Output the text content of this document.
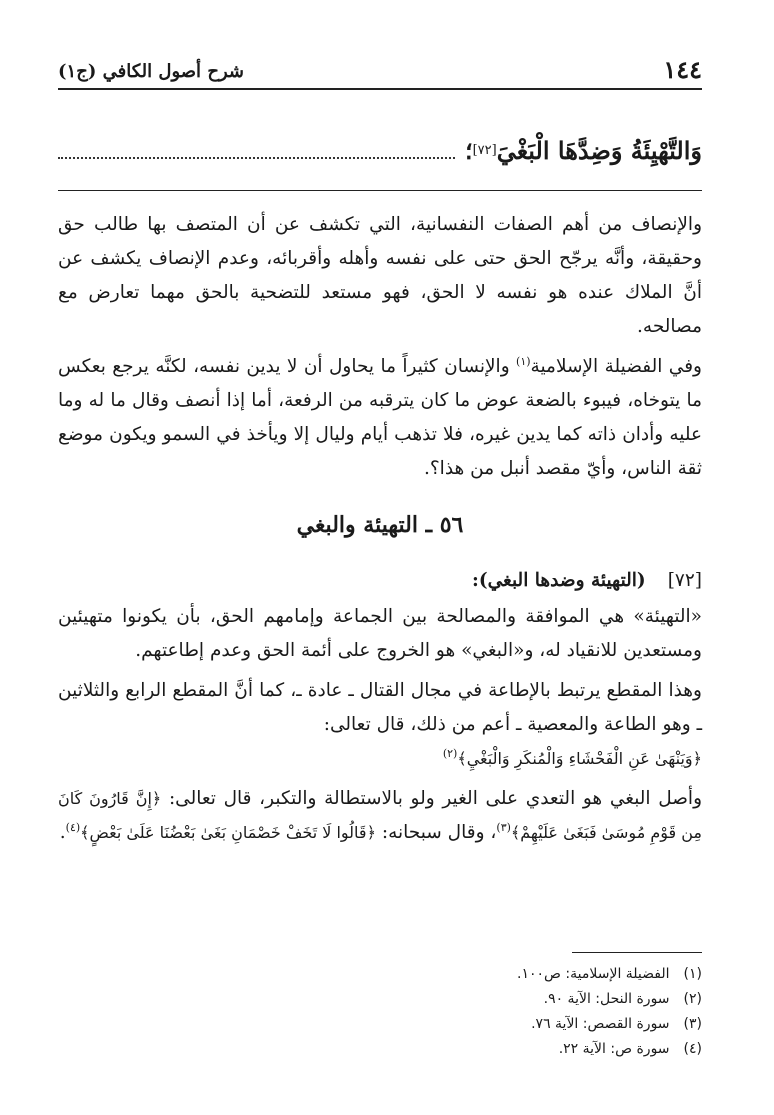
شرح أصول الكافي (ج١)	١٤٤
وَالتَّهْيِئَةُ وَضِدَّهَا الْبَغْيَ
[٧٢]
؛

والإنصاف من أهم الصفات النفسانية، التي تكشف عن أن المتصف بها طالب حق وحقيقة، وأنَّه يرجّح الحق حتى على نفسه وأهله وأقربائه، وعدم الإنصاف يكشف عن أنَّ الملاك عنده هو نفسه لا الحق، فهو مستعد للتضحية بالحق مهما تعارض مع مصالحه.

وفي الفضيلة الإسلامية$^{(١)}$ والإنسان كثيراً ما يحاول أن لا يدين نفسه، لكنَّه يرجع بعكس ما يتوخاه، فيبوء بالضعة عوض ما كان يترقبه من الرفعة، أما إذا أنصف وقال ما له وما عليه وأدان ذاته كما يدين غيره، فلا تذهب أيام وليال إلا ويأخذ في السمو ويكون موضع ثقة الناس، وأيّ مقصد أنبل من هذا؟.

٥٦ ـ التهيئة والبغي

[٧٢](التهيئة وضدها البغي):

«التهيئة» هي الموافقة والمصالحة بين الجماعة وإمامهم الحق، بأن يكونوا متهيئين ومستعدين للانقياد له، و«البغي» هو الخروج على أئمة الحق وعدم إطاعتهم.

وهذا المقطع يرتبط بالإطاعة في مجال القتال ـ عادة ـ، كما أنَّ المقطع الرابع والثلاثين ـ وهو الطاعة والمعصية ـ أعم من ذلك، قال تعالى:
﴿وَيَنْهَىٰ عَنِ الْفَحْشَاءِ وَالْمُنكَرِ وَالْبَغْيِ﴾$^{(٢)}$

وأصل البغي هو التعدي على الغير ولو بالاستطالة والتكبر، قال تعالى: ﴿إِنَّ قَارُونَ كَانَ مِن قَوْمِ مُوسَىٰ فَبَغَىٰ عَلَيْهِمْ﴾$^{(٣)}$، وقال سبحانه: ﴿قَالُوا لَا تَخَفْ خَصْمَانِ بَغَىٰ بَعْضُنَا عَلَىٰ بَعْضٍ﴾$^{(٤)}$.

(١)الفضيلة الإسلامية: ص١٠٠.
(٢)سورة النحل: الآية ٩٠.
(٣)سورة القصص: الآية ٧٦.
(٤)سورة ص: الآية ٢٢.
